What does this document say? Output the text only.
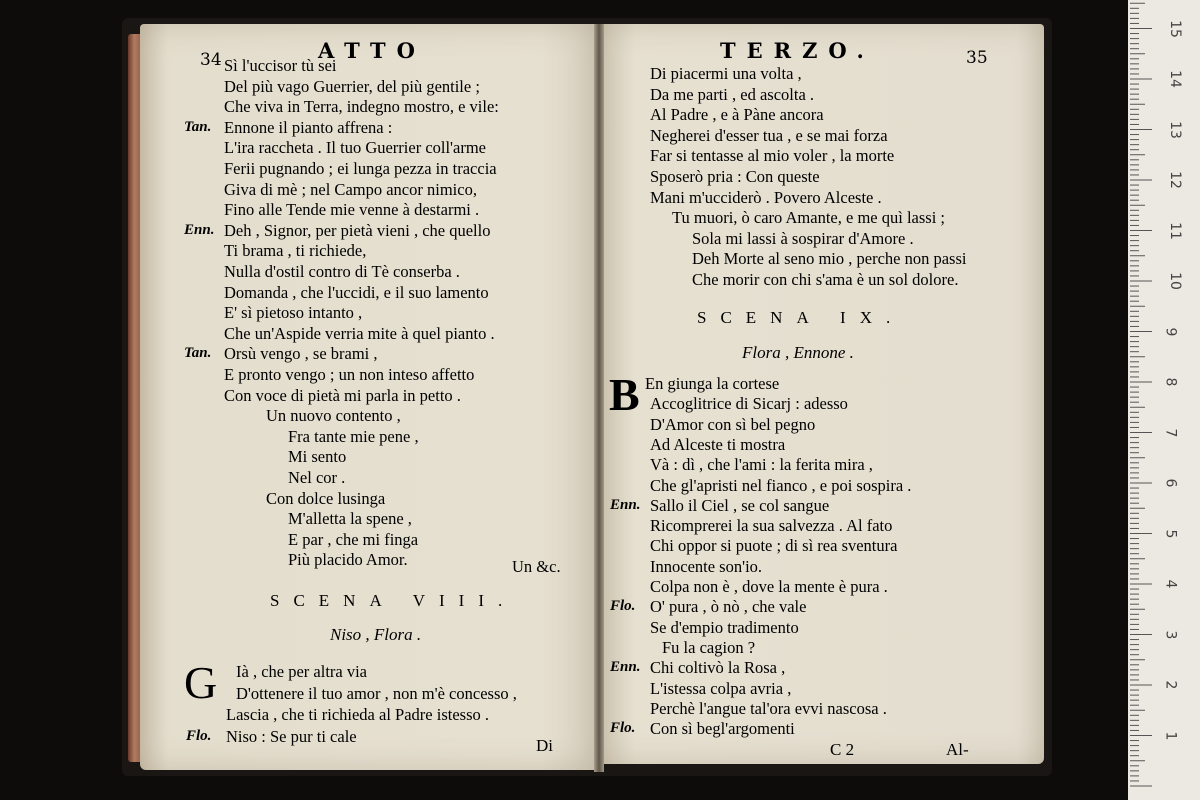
34	ATTO
Sì l'uccisor tù sei
Del più vago Guerrier, del più gentile ;
Che viva in Terra, indegno mostro, e vile:
Tan. Ennone il pianto affrena :
L'ira raccheta . Il tuo Guerrier coll'arme
Ferii pugnando ; ei lunga pezza in traccia
Giva di mè ; nel Campo ancor nimico,
Fino alle Tende mie venne à destarmi .
Enn. Deh , Signor, per pietà vieni , che quello
Ti brama , ti richiede,
Nulla d'ostil contro di Tè conserba .
Domanda , che l'uccidi, e il suo lamento
E' sì pietoso intanto ,
Che un'Aspide verria mite à quel pianto .
Tan. Orsù vengo , se brami ,
E pronto vengo ; un non inteso affetto
Con voce di pietà mi parla in petto .
Un nuovo contento ,
Fra tante mie pene ,
Mi sento
Nel cor .
Con dolce lusinga
M'alletta la spene ,
E par , che mi finga
Più placido Amor.	Un &c.
SCENA VIII.
Niso , Flora .
G Ià , che per altra via
D'ottenere il tuo amor , non m'è concesso ,
Lascia , che ti richieda al Padre istesso .
Flo. Niso : Se pur ti cale	Di
TERZO.	35
Di piacermi una volta ,
Da me parti , ed ascolta .
Al Padre , e à Pàne ancora
Negherei d'esser tua , e se mai forza
Far si tentasse al mio voler , la morte
Sposerò pria : Con queste
Mani m'ucciderò . Povero Alceste .
Tu muori, ò caro Amante, e me quì lassi ;
Sola mi lassi à sospirar d'Amore .
Deh Morte al seno mio , perche non passi
Che morir con chi s'ama è un sol dolore.
SCENA IX.
Flora , Ennone .
B En giunga la cortese
Accoglitrice di Sicarj : adesso
D'Amor con sì bel pegno
Ad Alceste ti mostra
Và : dì , che l'ami : la ferita mira ,
Che gl'apristi nel fianco , e poi sospira .
Enn. Sallo il Ciel , se col sangue
Ricomprerei la sua salvezza . Al fato
Chi oppor si puote ; di sì rea sventura
Innocente son'io.
Colpa non è , dove la mente è pura .
Flo. O' pura , ò nò , che vale
Se d'empio tradimento
Fu la cagion ?
Enn. Chi coltivò la Rosa ,
L'istessa colpa avria ,
Perchè l'angue tal'ora evvi nascosa .
Flo. Con sì begl'argomenti
C 2	Al-
15
14
13
12
11
10
9
8
7
6
5
4
3
2
1
